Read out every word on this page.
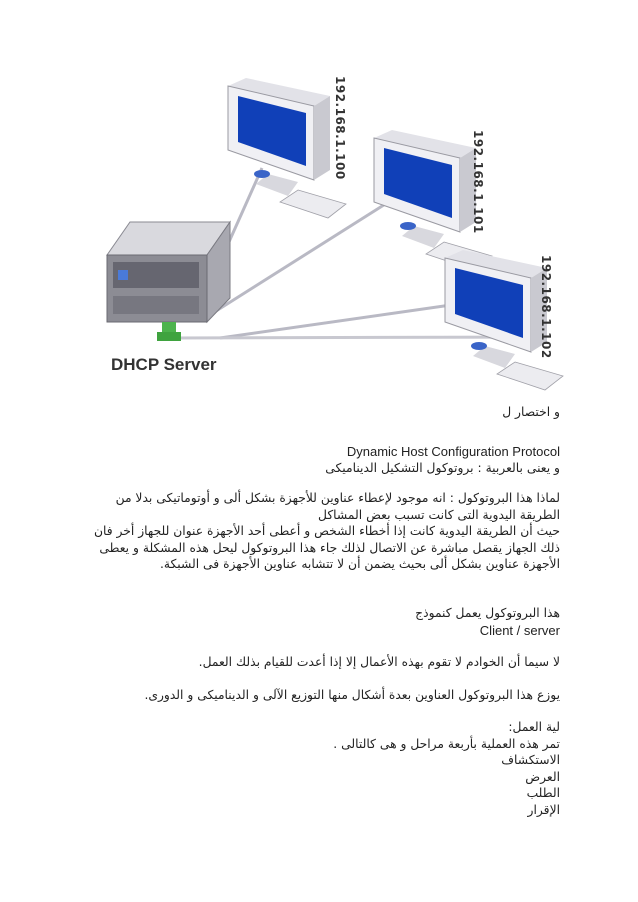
DHCP Server
192.168.1.100
192.168.1.101
192.168.1.102
و اختصار ل
Dynamic Host Configuration Protocol
و يعنى بالعربية : بروتوكول التشكيل الديناميكى
لماذا هذا البروتوكول : انه موجود لإعطاء عناوين للأجهزة بشكل ألى و أوتوماتيكى بدلا من
الطريقة اليدوية التى كانت تسبب بعض المشاكل
حيث أن الطريقة اليدوية كانت إذا أخطاء الشخص و أعطى أحد الأجهزة عنوان للجهاز أخر فان
ذلك الجهاز يقصل مباشرة عن الاتصال لذلك جاء هذا البروتوكول ليحل هذه المشكلة و يعطى
الأجهزة عناوين بشكل ألى بحيث يضمن أن لا تتشابه عناوين الأجهزة فى الشبكة.
هذا البروتوكول يعمل كنموذج
Client / server
لا سيما أن الخوادم لا تقوم بهذه الأعمال إلا إذا أعدت للقيام بذلك العمل.
يوزع هذا البروتوكول العناوين بعدة أشكال منها التوزيع الآلى و الديناميكى و الدورى.
لية العمل:
تمر هذه العملية بأربعة مراحل و هى كالتالى .
الاستكشاف
العرض
الطلب
الإقرار
